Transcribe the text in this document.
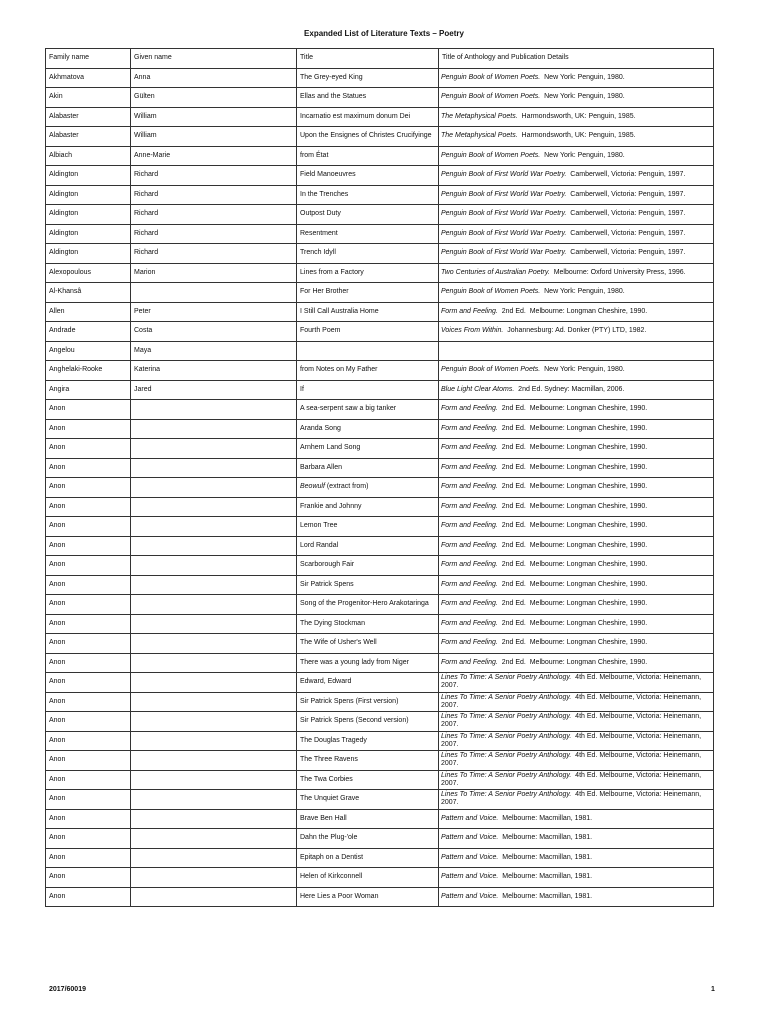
Expanded List of Literature Texts – Poetry
Family name	Given name	Title	Title of Anthology and Publication Details
Akhmatova	Anna	The Grey-eyed King	Penguin Book of Women Poets.  New York: Penguin, 1980.
Akin	Gülten	Ellas and the Statues	Penguin Book of Women Poets.  New York: Penguin, 1980.
Alabaster	William	Incarnatio est maximum donum Dei	The Metaphysical Poets.  Harmondsworth, UK: Penguin, 1985.
Alabaster	William	Upon the Ensignes of Christes Crucifyinge	The Metaphysical Poets.  Harmondsworth, UK: Penguin, 1985.
Albiach	Anne-Marie	from État	Penguin Book of Women Poets.  New York: Penguin, 1980.
Aldington	Richard	Field Manoeuvres	Penguin Book of First World War Poetry.  Camberwell, Victoria: Penguin, 1997.
Aldington	Richard	In the Trenches	Penguin Book of First World War Poetry.  Camberwell, Victoria: Penguin, 1997.
Aldington	Richard	Outpost Duty	Penguin Book of First World War Poetry.  Camberwell, Victoria: Penguin, 1997.
Aldington	Richard	Resentment	Penguin Book of First World War Poetry.  Camberwell, Victoria: Penguin, 1997.
Aldington	Richard	Trench Idyll	Penguin Book of First World War Poetry.  Camberwell, Victoria: Penguin, 1997.
Alexopoulous	Marion	Lines from a Factory	Two Centuries of Australian Poetry.  Melbourne: Oxford University Press, 1996.
Al-Khansâ		For Her Brother	Penguin Book of Women Poets.  New York: Penguin, 1980.
Allen	Peter	I Still Call Australia Home	Form and Feeling.  2nd Ed.  Melbourne: Longman Cheshire, 1990.
Andrade	Costa	Fourth Poem	Voices From Within.  Johannesburg: Ad. Donker (PTY) LTD, 1982.
Angelou	Maya		
Anghelaki-Rooke	Katerina	from Notes on My Father	Penguin Book of Women Poets.  New York: Penguin, 1980.
Angira	Jared	If	Blue Light Clear Atoms.  2nd Ed. Sydney: Macmillan, 2006.
Anon		A sea-serpent saw a big tanker	Form and Feeling.  2nd Ed.  Melbourne: Longman Cheshire, 1990.
Anon		Aranda Song	Form and Feeling.  2nd Ed.  Melbourne: Longman Cheshire, 1990.
Anon		Arnhem Land Song	Form and Feeling.  2nd Ed.  Melbourne: Longman Cheshire, 1990.
Anon		Barbara Allen	Form and Feeling.  2nd Ed.  Melbourne: Longman Cheshire, 1990.
Anon		Beowulf (extract from)	Form and Feeling.  2nd Ed.  Melbourne: Longman Cheshire, 1990.
Anon		Frankie and Johnny	Form and Feeling.  2nd Ed.  Melbourne: Longman Cheshire, 1990.
Anon		Lemon Tree	Form and Feeling.  2nd Ed.  Melbourne: Longman Cheshire, 1990.
Anon		Lord Randal	Form and Feeling.  2nd Ed.  Melbourne: Longman Cheshire, 1990.
Anon		Scarborough Fair	Form and Feeling.  2nd Ed.  Melbourne: Longman Cheshire, 1990.
Anon		Sir Patrick Spens	Form and Feeling.  2nd Ed.  Melbourne: Longman Cheshire, 1990.
Anon		Song of the Progenitor-Hero Arakotaringa	Form and Feeling.  2nd Ed.  Melbourne: Longman Cheshire, 1990.
Anon		The Dying Stockman	Form and Feeling.  2nd Ed.  Melbourne: Longman Cheshire, 1990.
Anon		The Wife of Usher's Well	Form and Feeling.  2nd Ed.  Melbourne: Longman Cheshire, 1990.
Anon		There was a young lady from Niger	Form and Feeling.  2nd Ed.  Melbourne: Longman Cheshire, 1990.
Anon		Edward, Edward	Lines To Time: A Senior Poetry Anthology.  4th Ed. Melbourne, Victoria: Heinemann, 2007.
Anon		Sir Patrick Spens (First version)	Lines To Time: A Senior Poetry Anthology.  4th Ed. Melbourne, Victoria: Heinemann, 2007.
Anon		Sir Patrick Spens (Second version)	Lines To Time: A Senior Poetry Anthology.  4th Ed. Melbourne, Victoria: Heinemann, 2007.
Anon		The Douglas Tragedy	Lines To Time: A Senior Poetry Anthology.  4th Ed. Melbourne, Victoria: Heinemann, 2007.
Anon		The Three Ravens	Lines To Time: A Senior Poetry Anthology.  4th Ed. Melbourne, Victoria: Heinemann, 2007.
Anon		The Twa Corbies	Lines To Time: A Senior Poetry Anthology.  4th Ed. Melbourne, Victoria: Heinemann, 2007.
Anon		The Unquiet Grave	Lines To Time: A Senior Poetry Anthology.  4th Ed. Melbourne, Victoria: Heinemann, 2007.
Anon		Brave Ben Hall	Pattern and Voice.  Melbourne: Macmillan, 1981.
Anon		Dahn the Plug-'ole	Pattern and Voice.  Melbourne: Macmillan, 1981.
Anon		Epitaph on a Dentist	Pattern and Voice.  Melbourne: Macmillan, 1981.
Anon		Helen of Kirkconnell	Pattern and Voice.  Melbourne: Macmillan, 1981.
Anon		Here Lies a Poor Woman	Pattern and Voice.  Melbourne: Macmillan, 1981.
2017/60019	1
